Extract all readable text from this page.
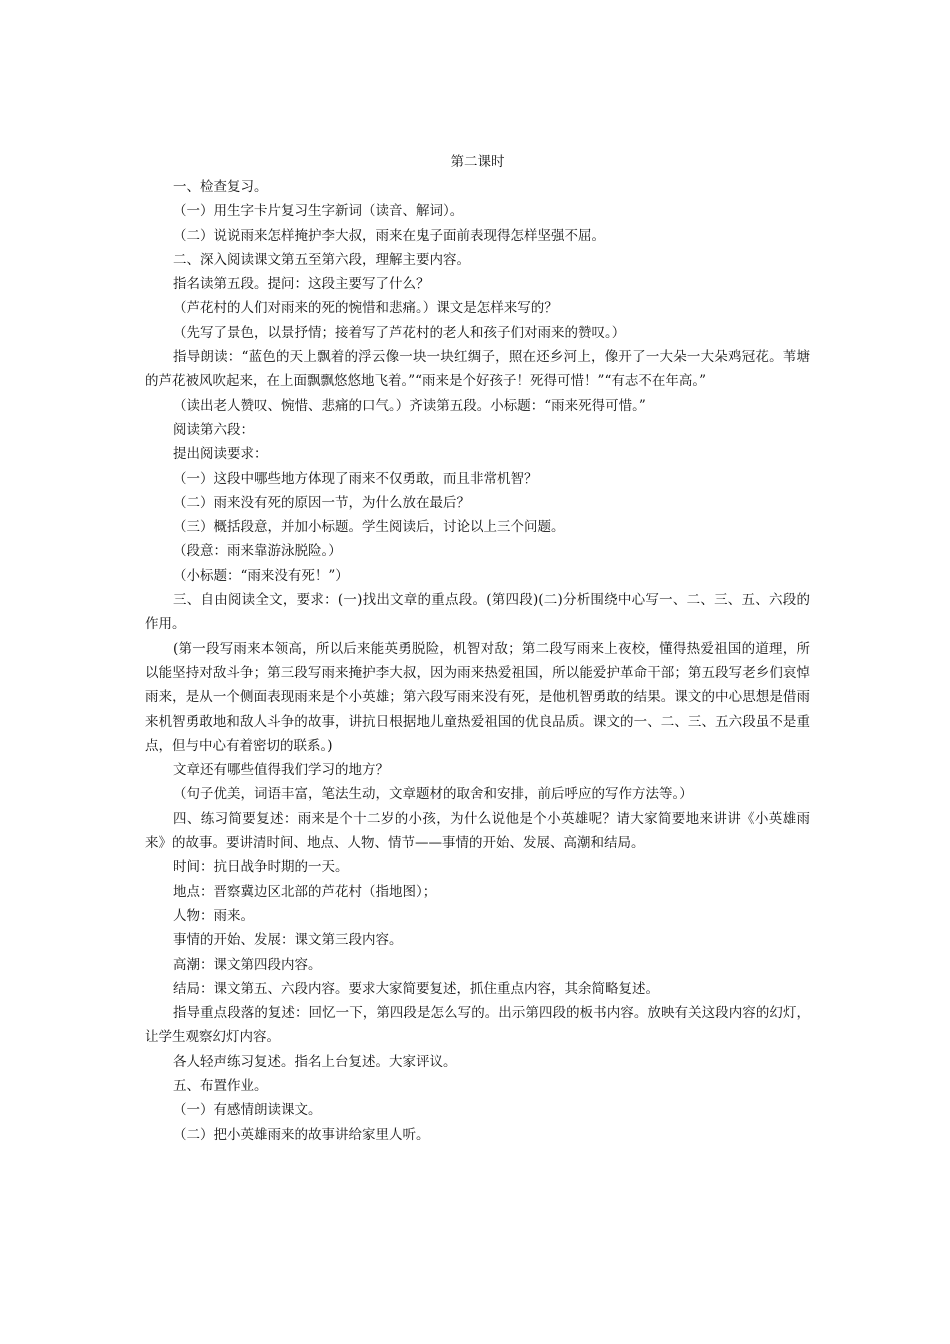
第二课时

一、检查复习。

（一）用生字卡片复习生字新词（读音、解词）。

（二）说说雨来怎样掩护李大叔，雨来在鬼子面前表现得怎样坚强不屈。

二、深入阅读课文第五至第六段，理解主要内容。

指名读第五段。提问：这段主要写了什么？

（芦花村的人们对雨来的死的惋惜和悲痛。）课文是怎样来写的？

（先写了景色，以景抒情；接着写了芦花村的老人和孩子们对雨来的赞叹。）

指导朗读：“蓝色的天上飘着的浮云像一块一块红绸子，照在还乡河上，像开了一大朵一大朵鸡冠花。苇塘的芦花被风吹起来，在上面飘飘悠悠地飞着。”“雨来是个好孩子！死得可惜！”“有志不在年高。”

（读出老人赞叹、惋惜、悲痛的口气。）齐读第五段。小标题：“雨来死得可惜。”

阅读第六段：

提出阅读要求：

（一）这段中哪些地方体现了雨来不仅勇敢，而且非常机智？

（二）雨来没有死的原因一节，为什么放在最后？

（三）概括段意，并加小标题。学生阅读后，讨论以上三个问题。

（段意：雨来靠游泳脱险。）

（小标题：“雨来没有死！”）

三、自由阅读全文，要求：(一)找出文章的重点段。(第四段)(二)分析围绕中心写一、二、三、五、六段的作用。

(第一段写雨来本领高，所以后来能英勇脱险，机智对敌；第二段写雨来上夜校，懂得热爱祖国的道理，所以能坚持对敌斗争；第三段写雨来掩护李大叔，因为雨来热爱祖国，所以能爱护革命干部；第五段写老乡们哀悼雨来，是从一个侧面表现雨来是个小英雄；第六段写雨来没有死，是他机智勇敢的结果。课文的中心思想是借雨来机智勇敢地和敌人斗争的故事，讲抗日根据地儿童热爱祖国的优良品质。课文的一、二、三、五六段虽不是重点，但与中心有着密切的联系。)

文章还有哪些值得我们学习的地方？

（句子优美，词语丰富，笔法生动，文章题材的取舍和安排，前后呼应的写作方法等。）

四、练习简要复述：雨来是个十二岁的小孩，为什么说他是个小英雄呢？请大家简要地来讲讲《小英雄雨来》的故事。要讲清时间、地点、人物、情节——事情的开始、发展、高潮和结局。

时间：抗日战争时期的一天。

地点：晋察冀边区北部的芦花村（指地图）；

人物：雨来。

事情的开始、发展：课文第三段内容。

高潮：课文第四段内容。

结局：课文第五、六段内容。要求大家简要复述，抓住重点内容，其余简略复述。

指导重点段落的复述：回忆一下，第四段是怎么写的。出示第四段的板书内容。放映有关这段内容的幻灯，让学生观察幻灯内容。

各人轻声练习复述。指名上台复述。大家评议。

五、布置作业。

（一）有感情朗读课文。

（二）把小英雄雨来的故事讲给家里人听。
